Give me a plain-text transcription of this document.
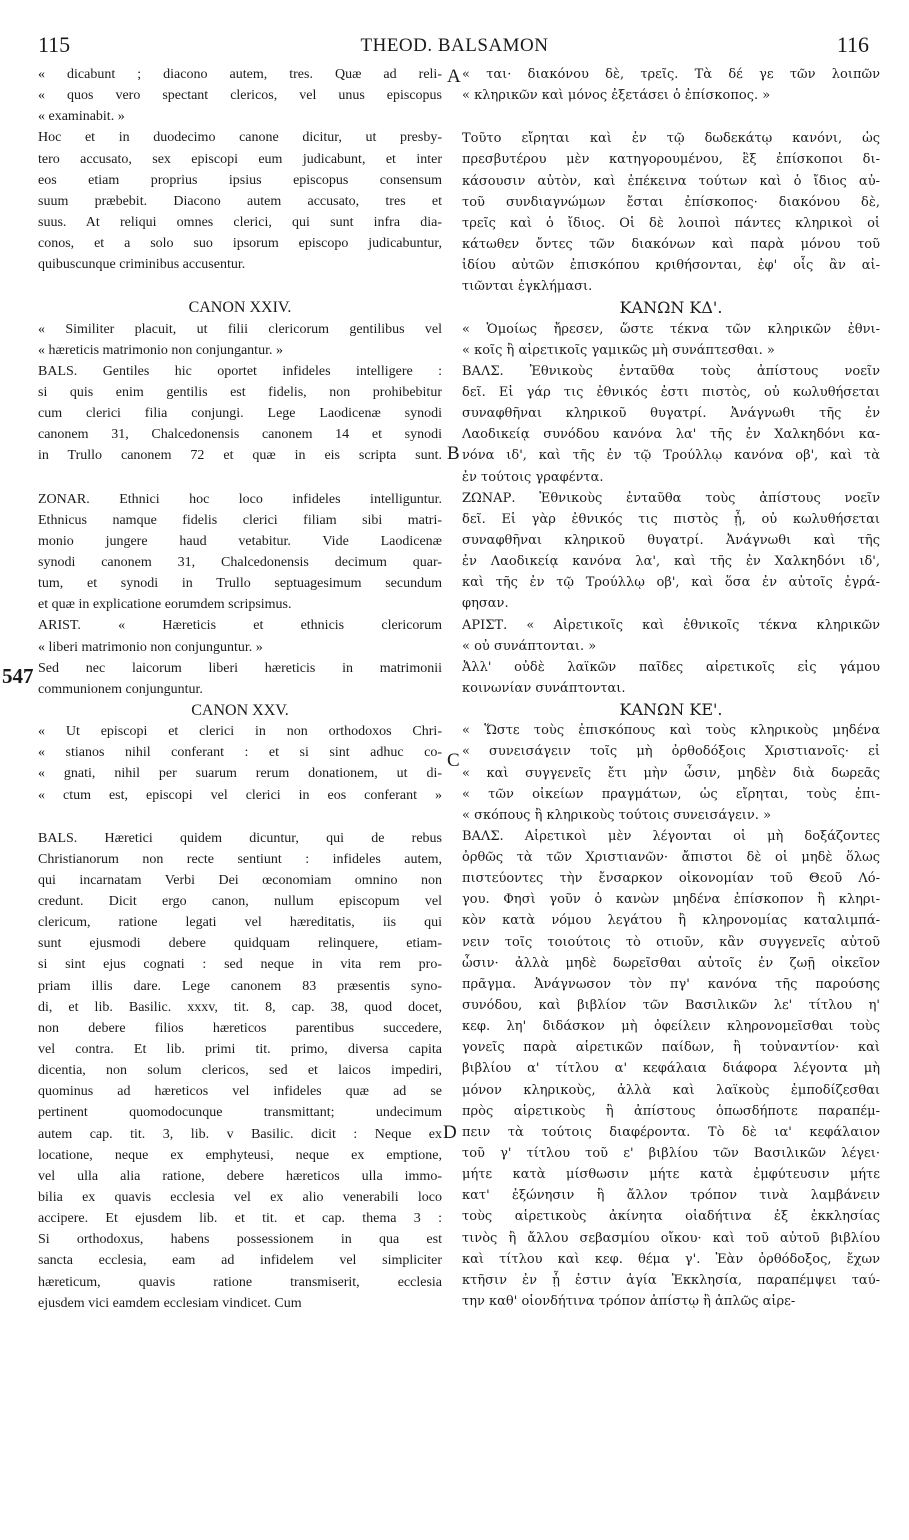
115	THEOD. BALSAMON	116
« dicabunt ; diacono autem, tres. Quæ ad reli-
« quos vero spectant clericos, vel unus episcopus
« examinabit. »
Hoc et in duodecimo canone dicitur, ut presby-
tero accusato, sex episcopi eum judicabunt, et inter
eos etiam proprius ipsius episcopus consensum
suum præbebit. Diacono autem accusato, tres et
suus. At reliqui omnes clerici, qui sunt infra dia-
conos, et a solo suo ipsorum episcopo judicabuntur,
quibuscunque criminibus accusentur.
CANON XXIV.
« Similiter placuit, ut filii clericorum gentilibus vel
« hæreticis matrimonio non conjungantur. »
BALS. Gentiles hic oportet infideles intelligere :
si quis enim gentilis est fidelis, non prohibebitur
cum clerici filia conjungi. Lege Laodicenæ synodi
canonem 31, Chalcedonensis canonem 14 et synodi
in Trullo canonem 72 et quæ in eis scripta sunt.
ZONAR. Ethnici hoc loco infideles intelliguntur.
Ethnicus namque fidelis clerici filiam sibi matri-
monio jungere haud vetabitur. Vide Laodicenæ
synodi canonem 31, Chalcedonensis decimum quar-
tum, et synodi in Trullo septuagesimum secundum
et quæ in explicatione eorumdem scripsimus.
ARIST. « Hæreticis et ethnicis clericorum
« liberi matrimonio non conjunguntur. »
Sed nec laicorum liberi hæreticis in matrimonii
communionem conjunguntur.
CANON XXV.
« Ut episcopi et clerici in non orthodoxos Chri-
« stianos nihil conferant : et si sint adhuc co-
« gnati, nihil per suarum rerum donationem, ut di-
« ctum est, episcopi vel clerici in eos conferant »
BALS. Hæretici quidem dicuntur, qui de rebus
Christianorum non recte sentiunt : infideles autem,
qui incarnatam Verbi Dei œconomiam omnino non
credunt. Dicit ergo canon, nullum episcopum vel
clericum, ratione legati vel hæreditatis, iis qui
sunt ejusmodi debere quidquam relinquere, etiam-
si sint ejus cognati : sed neque in vita rem pro-
priam illis dare. Lege canonem 83 præsentis syno-
di, et lib. Basilic. xxxv, tit. 8, cap. 38, quod docet,
non debere filios hæreticos parentibus succedere,
vel contra. Et lib. primi tit. primo, diversa capita
dicentia, non solum clericos, sed et laicos impediri,
quominus ad hæreticos vel infideles quæ ad se
pertinent quomodocunque transmittant; undecimum
autem cap. tit. 3, lib. v Basilic. dicit : Neque ex
locatione, neque ex emphyteusi, neque ex emptione,
vel ulla alia ratione, debere hæreticos ulla immo-
bilia ex quavis ecclesia vel ex alio venerabili loco
accipere. Et ejusdem lib. et tit. et cap. thema 3 :
Si orthodoxus, habens possessionem in qua est
sancta ecclesia, eam ad infidelem vel simpliciter
hæreticum, quavis ratione transmiserit, ecclesia
ejusdem vici eamdem ecclesiam vindicet. Cum
« ται· διακόνου δὲ, τρεῖς. Τὰ δέ γε τῶν λοιπῶν
« κληρικῶν καὶ μόνος ἐξετάσει ὁ ἐπίσκοπος. »
Τοῦτο εἴρηται καὶ ἐν τῷ δωδεκάτῳ κανόνι, ὡς
πρεσβυτέρου μὲν κατηγορουμένου, ἓξ ἐπίσκοποι δι-
κάσουσιν αὐτὸν, καὶ ἐπέκεινα τούτων καὶ ὁ ἴδιος αὐ-
τοῦ συνδιαγνώμων ἔσται ἐπίσκοπος· διακόνου δὲ,
τρεῖς καὶ ὁ ἴδιος. Οἱ δὲ λοιποὶ πάντες κληρικοὶ οἱ
κάτωθεν ὄντες τῶν διακόνων καὶ παρὰ μόνου τοῦ
ἰδίου αὐτῶν ἐπισκόπου κριθήσονται, ἐφ' οἷς ἂν αἰ-
τιῶνται ἐγκλήμασι.
ΚΑΝΩΝ ΚΔ'.
« Ὁμοίως ἤρεσεν, ὥστε τέκνα τῶν κληρικῶν ἐθνι-
« κοῖς ἢ αἱρετικοῖς γαμικῶς μὴ συνάπτεσθαι. »
ΒΑΛΣ. Ἐθνικοὺς ἐνταῦθα τοὺς ἀπίστους νοεῖν
δεῖ. Εἰ γάρ τις ἐθνικός ἐστι πιστὸς, οὐ κωλυθήσεται
συναφθῆναι κληρικοῦ θυγατρί. Ἀνάγνωθι τῆς ἐν
Λαοδικείᾳ συνόδου κανόνα λα' τῆς ἐν Χαλκηδόνι κα-
νόνα ιδ', καὶ τῆς ἐν τῷ Τρούλλῳ κανόνα οβ', καὶ τὰ
ἐν τούτοις γραφέντα.
ΖΩΝΑΡ. Ἐθνικοὺς ἐνταῦθα τοὺς ἀπίστους νοεῖν
δεῖ. Εἰ γὰρ ἐθνικός τις πιστὸς ᾖ, οὐ κωλυθήσεται
συναφθῆναι κληρικοῦ θυγατρί. Ἀνάγνωθι καὶ τῆς
ἐν Λαοδικείᾳ κανόνα λα', καὶ τῆς ἐν Χαλκηδόνι ιδ',
καὶ τῆς ἐν τῷ Τρούλλῳ οβ', καὶ ὅσα ἐν αὐτοῖς ἐγρά-
φησαν.
ΑΡΙΣΤ. « Αἱρετικοῖς καὶ ἐθνικοῖς τέκνα κληρικῶν
« οὐ συνάπτονται. »
Ἀλλ' οὐδὲ λαϊκῶν παῖδες αἱρετικοῖς εἰς γάμου
κοινωνίαν συνάπτονται.
ΚΑΝΩΝ ΚΕ'.
« Ὥστε τοὺς ἐπισκόπους καὶ τοὺς κληρικοὺς μηδένα
« συνεισάγειν τοῖς μὴ ὀρθοδόξοις Χριστιανοῖς· εἰ
« καὶ συγγενεῖς ἔτι μὴν ὦσιν, μηδὲν διὰ δωρεᾶς
« τῶν οἰκείων πραγμάτων, ὡς εἴρηται, τοὺς ἐπι-
« σκόπους ἢ κληρικοὺς τούτοις συνεισάγειν. »
ΒΑΛΣ. Αἱρετικοὶ μὲν λέγονται οἱ μὴ δοξάζοντες
ὀρθῶς τὰ τῶν Χριστιανῶν· ἄπιστοι δὲ οἱ μηδὲ ὅλως
πιστεύοντες τὴν ἔνσαρκον οἰκονομίαν τοῦ Θεοῦ Λό-
γου. Φησὶ γοῦν ὁ κανὼν μηδένα ἐπίσκοπον ἢ κληρι-
κὸν κατὰ νόμου λεγάτου ἢ κληρονομίας καταλιμπά-
νειν τοῖς τοιούτοις τὸ οτιοῦν, κἂν συγγενεῖς αὐτοῦ
ὦσιν· ἀλλὰ μηδὲ δωρεῖσθαι αὐτοῖς ἐν ζωῇ οἰκεῖον
πρᾶγμα. Ἀνάγνωσον τὸν πγ' κανόνα τῆς παρούσης
συνόδου, καὶ βιβλίον τῶν Βασιλικῶν λε' τίτλου η'
κεφ. λη' διδάσκον μὴ ὀφείλειν κληρονομεῖσθαι τοὺς
γονεῖς παρὰ αἱρετικῶν παίδων, ἢ τοὐναντίον· καὶ
βιβλίου α' τίτλου α' κεφάλαια διάφορα λέγοντα μὴ
μόνον κληρικοὺς, ἀλλὰ καὶ λαϊκοὺς ἐμποδίζεσθαι
πρὸς αἱρετικοὺς ἢ ἀπίστους ὁπωσδήποτε παραπέμ-
πειν τὰ τούτοις διαφέροντα. Τὸ δὲ ια' κεφάλαιον
τοῦ γ' τίτλου τοῦ ε' βιβλίου τῶν Βασιλικῶν λέγει·
μήτε κατὰ μίσθωσιν μήτε κατὰ ἐμφύτευσιν μήτε
κατ' ἐξώνησιν ἢ ἄλλον τρόπον τινὰ λαμβάνειν
τοὺς αἱρετικοὺς ἀκίνητα οἱαδήτινα ἐξ ἐκκλησίας
τινὸς ἢ ἄλλου σεβασμίου οἴκου· καὶ τοῦ αὐτοῦ βιβλίου
καὶ τίτλου καὶ κεφ. θέμα γ'. Ἐὰν ὀρθόδοξος, ἔχων
κτῆσιν ἐν ᾗ ἐστιν ἁγία Ἐκκλησία, παραπέμψει ταύ-
την καθ' οἱονδήτινα τρόπον ἀπίστῳ ἢ ἁπλῶς αἱρε-
A
B
C
D
547
